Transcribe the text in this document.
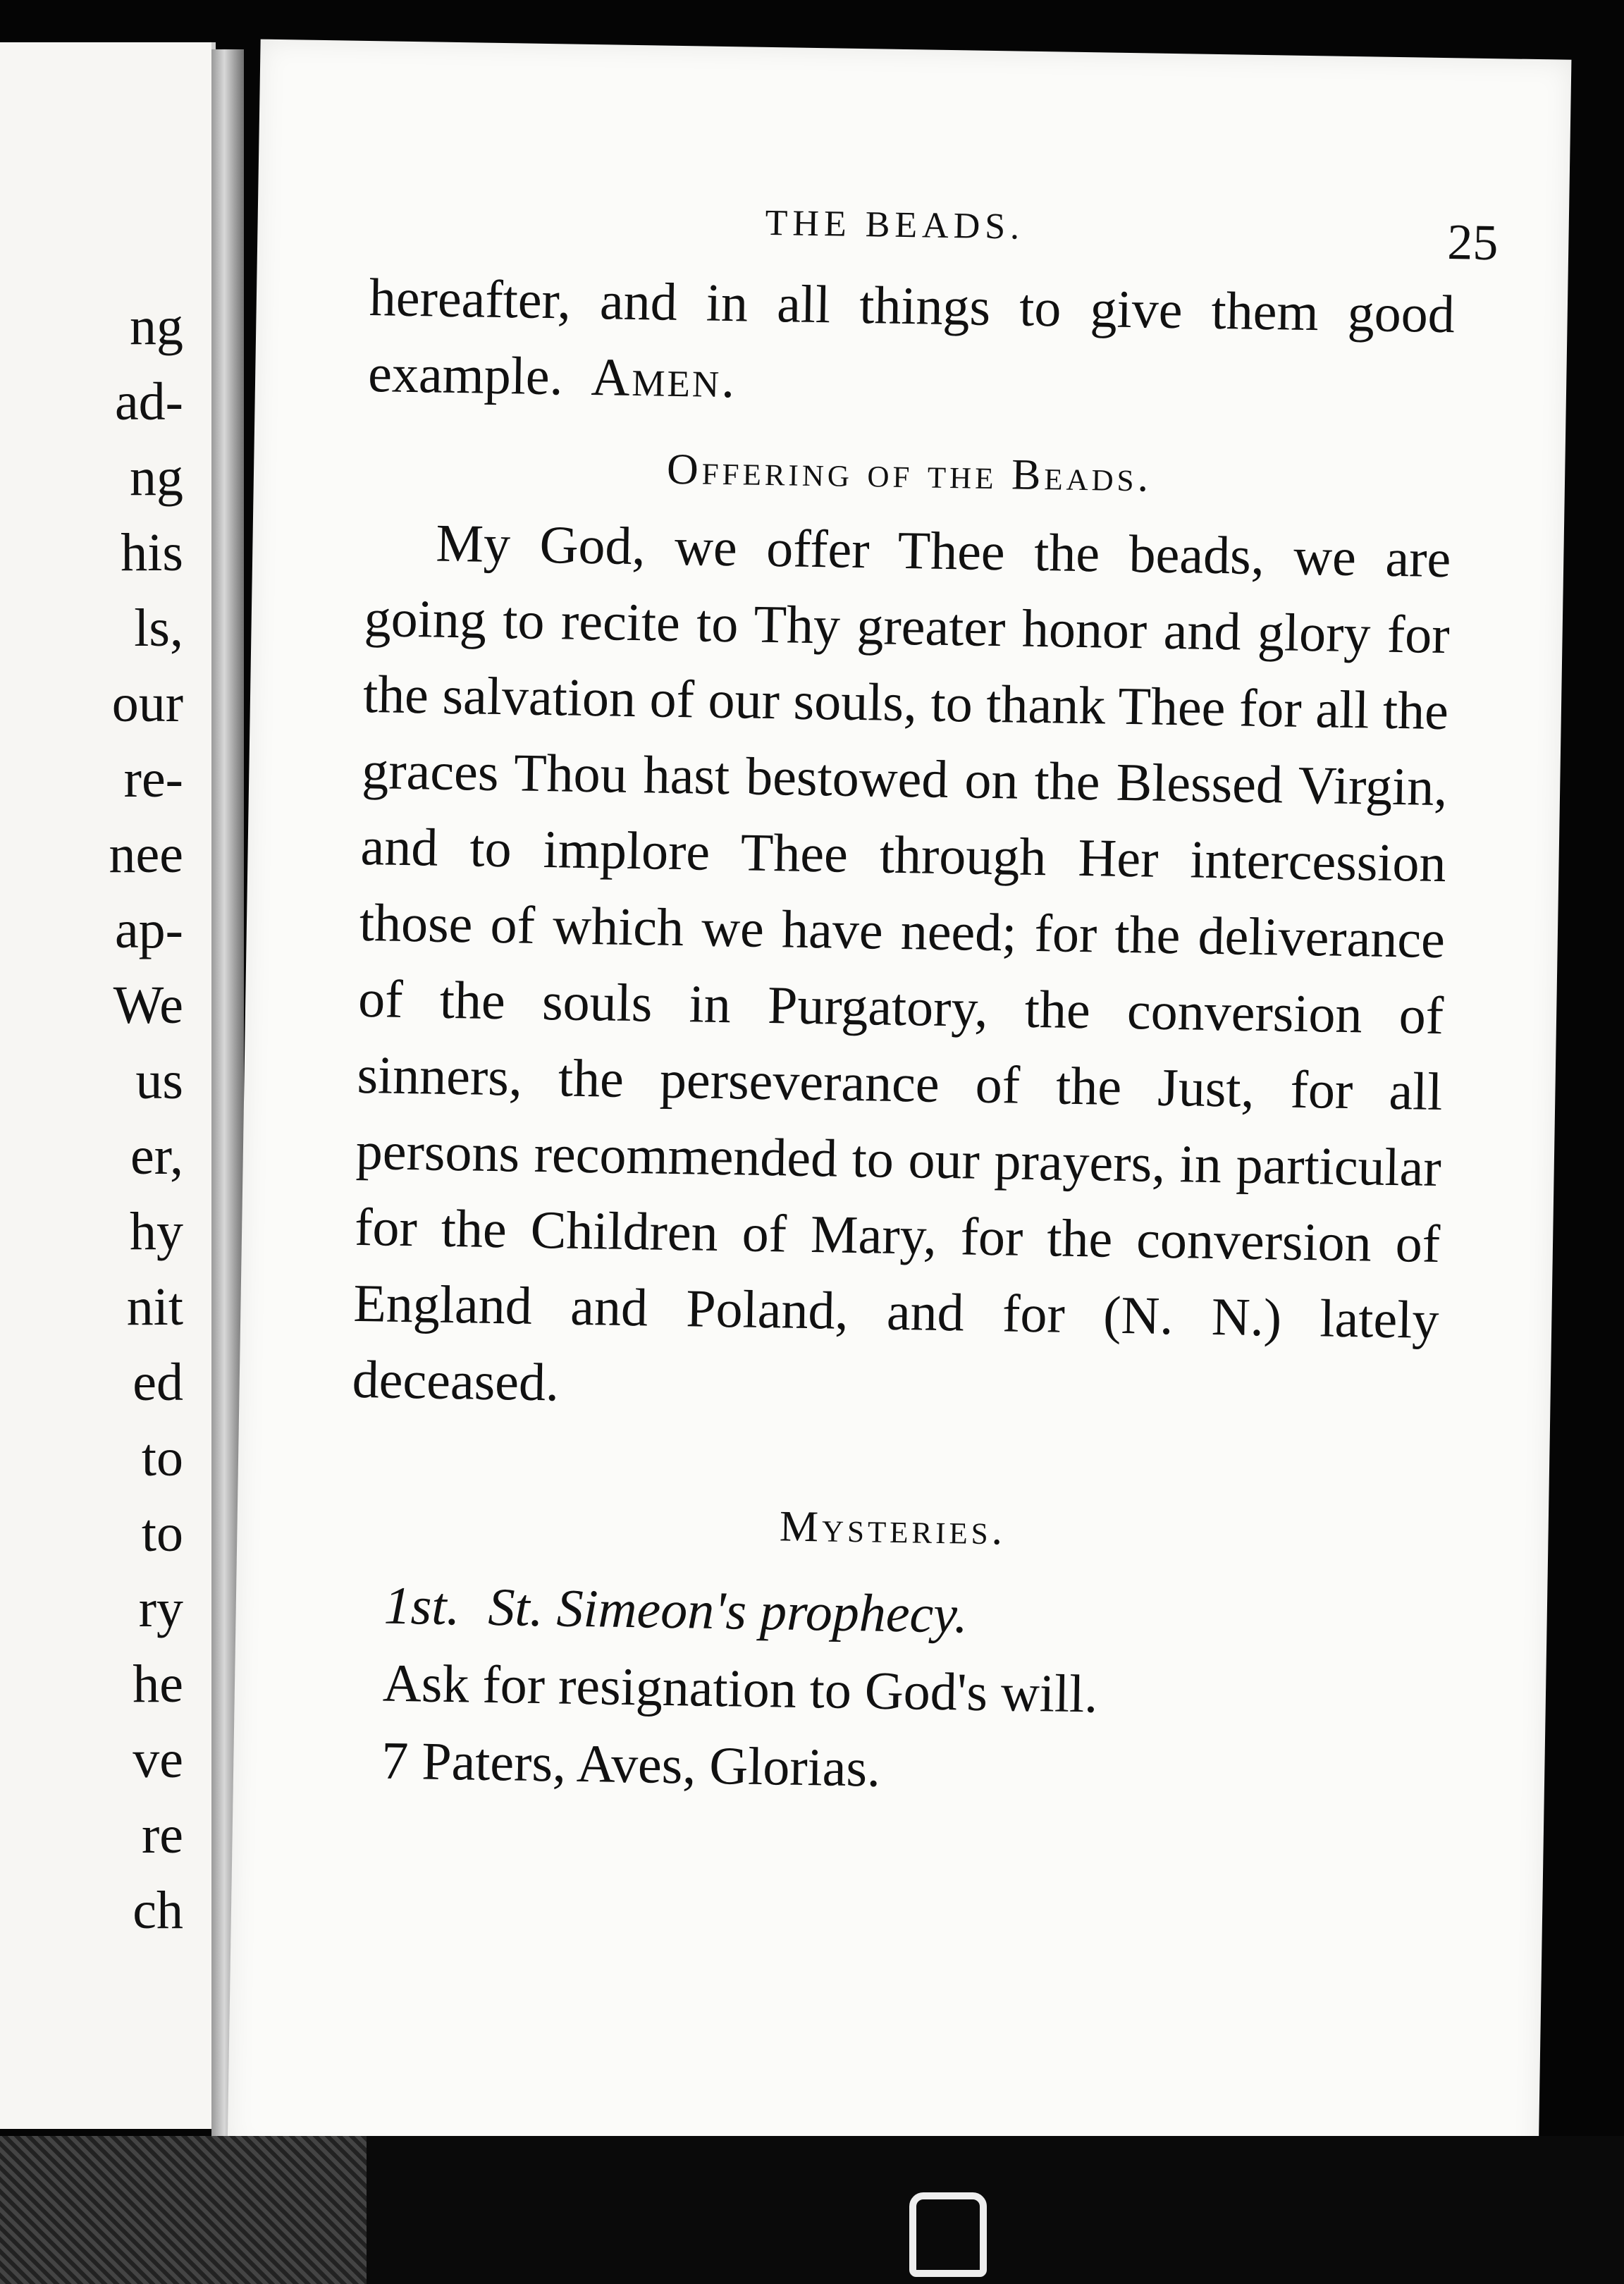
ng
ad-
ng
his
ls,
our
re-
nee
ap-
We
us
er,
hy
nit
ed
to
to
ry
he
ve
re
ch
THE BEADS.	25

hereafter, and in all things to give them good example. Amen.

Offering of the Beads.

My God, we offer Thee the beads, we are going to recite to Thy greater honor and glory for the salvation of our souls, to thank Thee for all the graces Thou hast bestowed on the Blessed Virgin, and to implore Thee through Her intercession those of which we have need; for the deliverance of the souls in Purgatory, the conversion of sinners, the perseverance of the Just, for all persons recommended to our prayers, in particular for the Children of Mary, for the conversion of England and Poland, and for (N. N.) lately deceased.

Mysteries.

1st. St. Simeon's prophecy.

Ask for resignation to God's will.

7 Paters, Aves, Glorias.
